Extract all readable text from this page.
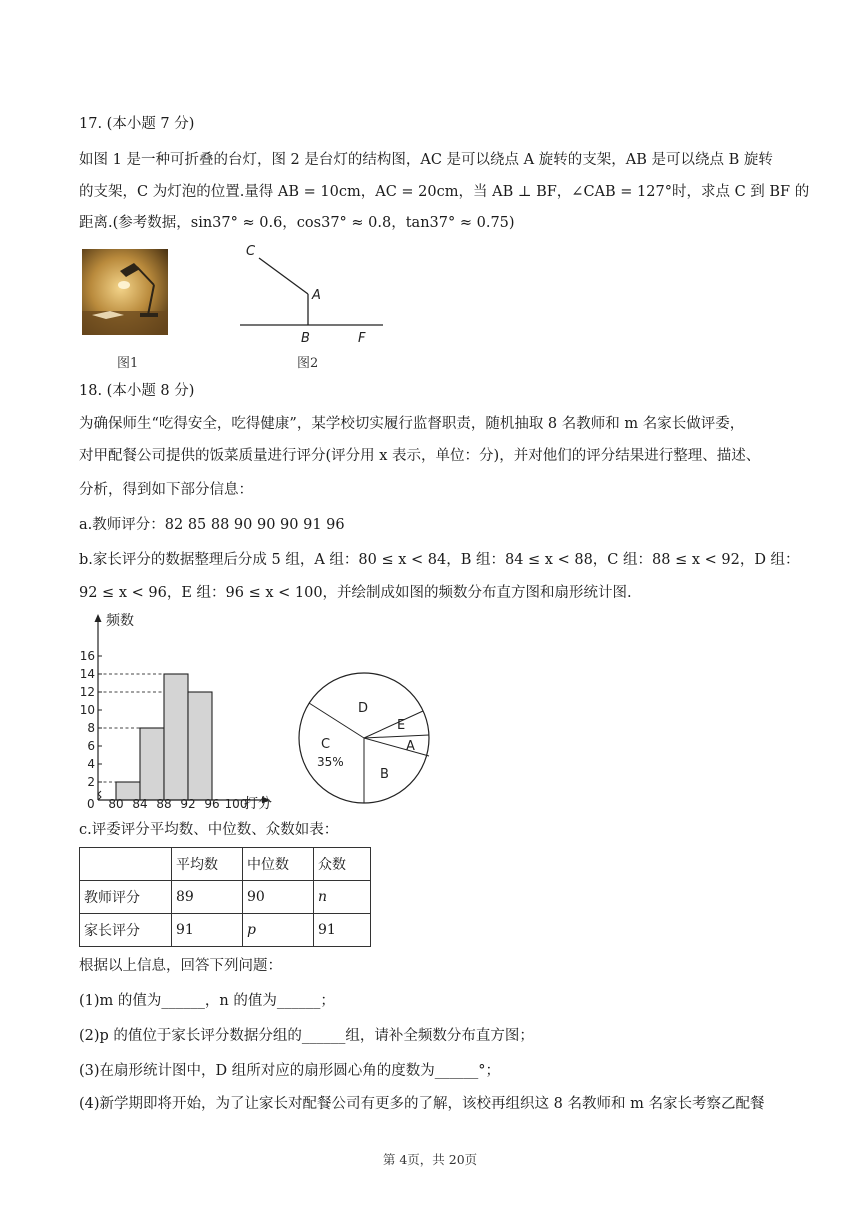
17. (本小题 7 分)
如图 1 是一种可折叠的台灯，图 2 是台灯的结构图，AC 是可以绕点 A 旋转的支架，AB 是可以绕点 B 旋转
的支架，C 为灯泡的位置.量得 AB = 10cm，AC = 20cm，当 AB ⊥ BF，∠CAB = 127°时，求点 C 到 BF 的
距离.(参考数据，sin37° ≈ 0.6，cos37° ≈ 0.8，tan37° ≈ 0.75)
图1
C
A
B	F
图2
18. (本小题 8 分)
为确保师生“吃得安全，吃得健康”，某学校切实履行监督职责，随机抽取 8 名教师和 m 名家长做评委，
对甲配餐公司提供的饭菜质量进行评分(评分用 x 表示，单位：分)，并对他们的评分结果进行整理、描述、
分析，得到如下部分信息：
a.教师评分：82 85 88 90 90 90 91 96
b.家长评分的数据整理后分成 5 组，A 组：80 ≤ x < 84，B 组：84 ≤ x < 88，C 组：88 ≤ x < 92，D 组：
92 ≤ x < 96，E 组：96 ≤ x < 100，并绘制成如图的频数分布直方图和扇形统计图.
频数
打分
0
2
4
6
8
10
12
14
16
80 84 88 92 96 100
D
E
A
B
C
35%
c.评委评分平均数、中位数、众数如表：
	平均数	中位数	众数
教师评分	89	90	n
家长评分	91	p	91
根据以上信息，回答下列问题：
(1)m 的值为______，n 的值为______；
(2)p 的值位于家长评分数据分组的______组，请补全频数分布直方图；
(3)在扇形统计图中，D 组所对应的扇形圆心角的度数为______°；
(4)新学期即将开始，为了让家长对配餐公司有更多的了解，该校再组织这 8 名教师和 m 名家长考察乙配餐
第 4页，共 20页
